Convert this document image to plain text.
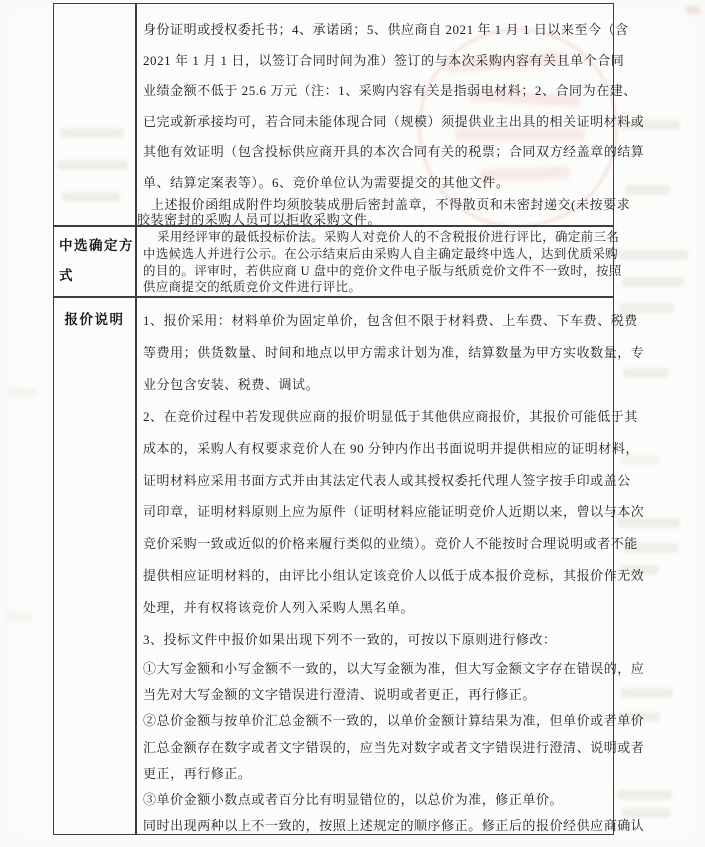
中选确定方
式
报价说明
身份证明或授权委托书；4、承诺函；5、供应商自 2021 年 1 月 1 日以来至今（含
2021 年 1 月 1 日，以签订合同时间为准）签订的与本次采购内容有关且单个合同
业绩金额不低于 25.6 万元（注：1、采购内容有关是指弱电材料；2、合同为在建、
已完或新承接均可，若合同未能体现合同（规模）须提供业主出具的相关证明材料或
其他有效证明（包含投标供应商开具的本次合同有关的税票；合同双方经盖章的结算
单、结算定案表等）。6、竞价单位认为需要提交的其他文件。
上述报价函组成附件均须胶装成册后密封盖章，不得散页和未密封递交(未按要求
胶装密封的采购人员可以拒收采购文件。
采用经评审的最低投标价法。采购人对竞价人的不含税报价进行评比，确定前三名
中选候选人并进行公示。在公示结束后由采购人自主确定最终中选人，达到优质采购
的目的。评审时，若供应商 U 盘中的竞价文件电子版与纸质竞价文件不一致时，按照
供应商提交的纸质竞价文件进行评比。
1、报价采用：材料单价为固定单价，包含但不限于材料费、上车费、下车费、税费
等费用；供货数量、时间和地点以甲方需求计划为准，结算数量为甲方实收数量，专
业分包含安装、税费、调试。
2、在竞价过程中若发现供应商的报价明显低于其他供应商报价，其报价可能低于其
成本的，采购人有权要求竞价人在 90 分钟内作出书面说明并提供相应的证明材料，
证明材料应采用书面方式并由其法定代表人或其授权委托代理人签字按手印或盖公
司印章，证明材料原则上应为原件（证明材料应能证明竞价人近期以来，曾以与本次
竞价采购一致或近似的价格来履行类似的业绩）。竞价人不能按时合理说明或者不能
提供相应证明材料的，由评比小组认定该竞价人以低于成本报价竞标，其报价作无效
处理，并有权将该竞价人列入采购人黑名单。
3、投标文件中报价如果出现下列不一致的，可按以下原则进行修改：
①大写金额和小写金额不一致的，以大写金额为准，但大写金额文字存在错误的，应
当先对大写金额的文字错误进行澄清、说明或者更正，再行修正。
②总价金额与按单价汇总金额不一致的，以单价金额计算结果为准，但单价或者单价
汇总金额存在数字或者文字错误的，应当先对数字或者文字错误进行澄清、说明或者
更正，再行修正。
③单价金额小数点或者百分比有明显错位的，以总价为准，修正单价。
同时出现两种以上不一致的，按照上述规定的顺序修正。修正后的报价经供应商确认
